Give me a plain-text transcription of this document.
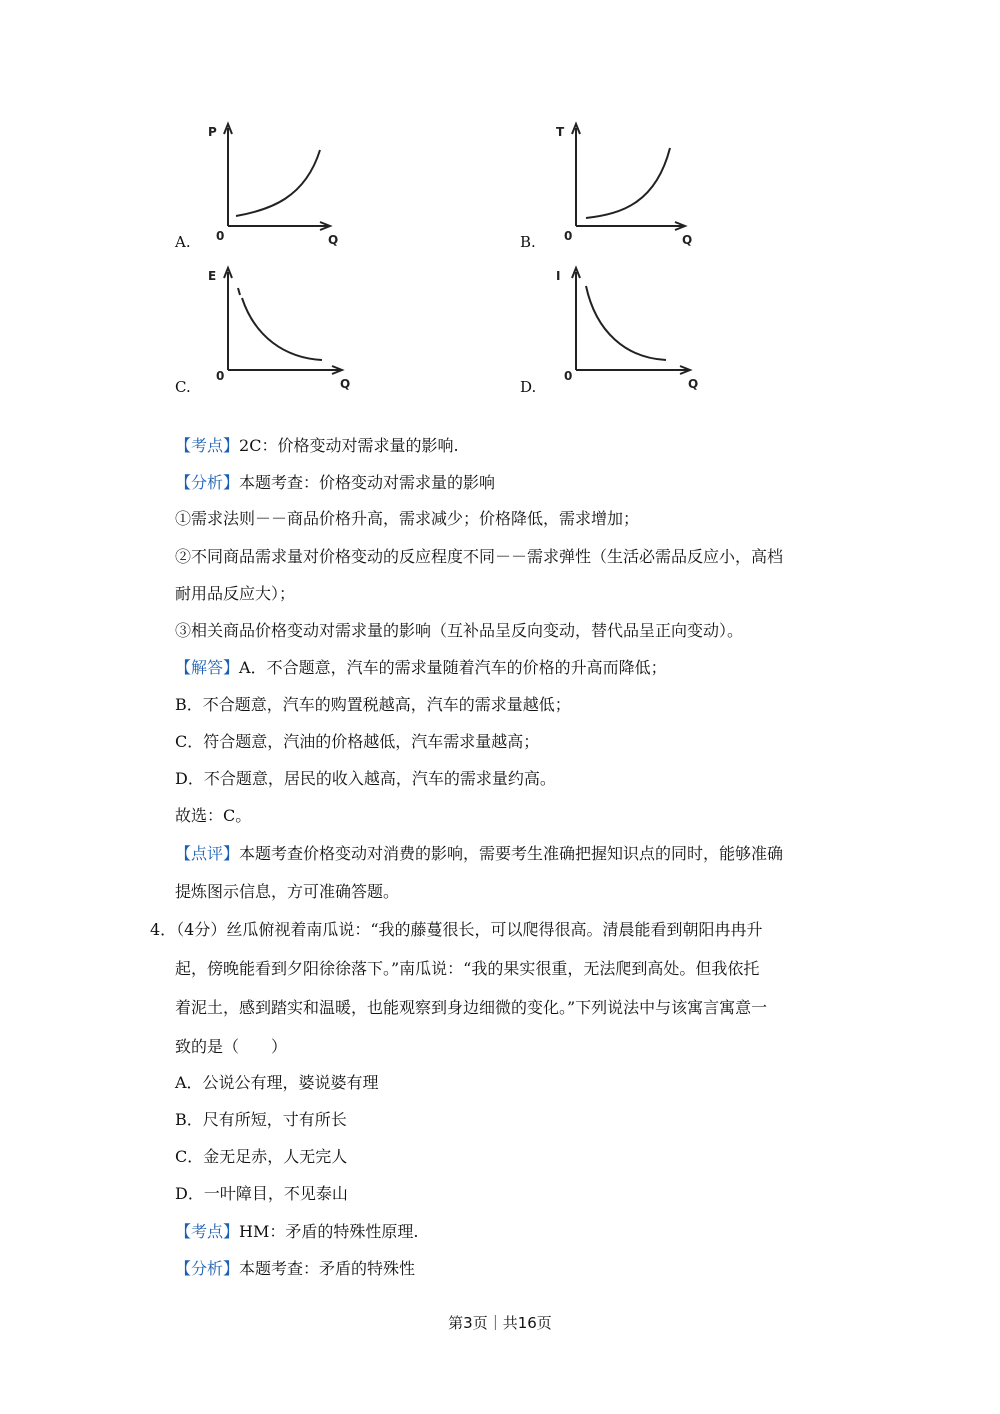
A.
P
0	Q	B.
T
0	Q
C.
E
0
Q	D.
I
0
Q
【考点】2C：价格变动对需求量的影响.
【分析】本题考查：价格变动对需求量的影响
①需求法则－－商品价格升高，需求减少；价格降低，需求增加；
②不同商品需求量对价格变动的反应程度不同－－需求弹性（生活必需品反应小，高档
耐用品反应大）；
③相关商品价格变动对需求量的影响（互补品呈反向变动，替代品呈正向变动）。
【解答】A．不合题意，汽车的需求量随着汽车的价格的升高而降低；
B．不合题意，汽车的购置税越高，汽车的需求量越低；
C．符合题意，汽油的价格越低，汽车需求量越高；
D．不合题意，居民的收入越高，汽车的需求量约高。
故选：C。
【点评】本题考查价格变动对消费的影响，需要考生准确把握知识点的同时，能够准确
提炼图示信息，方可准确答题。
4．（4分）丝瓜俯视着南瓜说：“我的藤蔓很长，可以爬得很高。清晨能看到朝阳冉冉升
起，傍晚能看到夕阳徐徐落下。”南瓜说：“我的果实很重，无法爬到高处。但我依托
着泥土，感到踏实和温暖，也能观察到身边细微的变化。”下列说法中与该寓言寓意一
致的是（　　）
A．公说公有理，婆说婆有理
B．尺有所短，寸有所长
C．金无足赤，人无完人
D．一叶障目，不见泰山
【考点】HM：矛盾的特殊性原理.
【分析】本题考查：矛盾的特殊性
第3页｜共16页
